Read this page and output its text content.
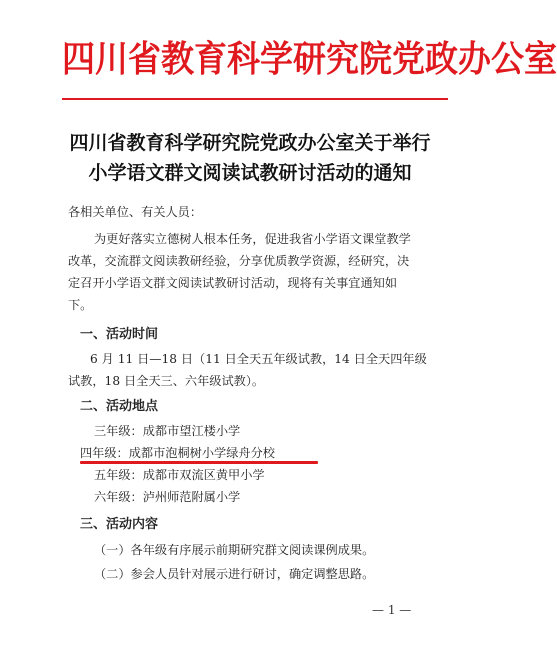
四川省教育科学研究院党政办公室
四川省教育科学研究院党政办公室关于举行
小学语文群文阅读试教研讨活动的通知
各相关单位、有关人员：
为更好落实立德树人根本任务，促进我省小学语文课堂教学
改革，交流群文阅读教研经验，分享优质教学资源，经研究，决
定召开小学语文群文阅读试教研讨活动，现将有关事宜通知如
下。
一、活动时间
6 月 11 日—18 日（11 日全天五年级试教，14 日全天四年级
试教，18 日全天三、六年级试教）。
二、活动地点
三年级：成都市望江楼小学
四年级：成都市泡桐树小学绿舟分校
五年级：成都市双流区黄甲小学
六年级：泸州师范附属小学
三、活动内容
（一）各年级有序展示前期研究群文阅读课例成果。
（二）参会人员针对展示进行研讨，确定调整思路。
— 1 —
